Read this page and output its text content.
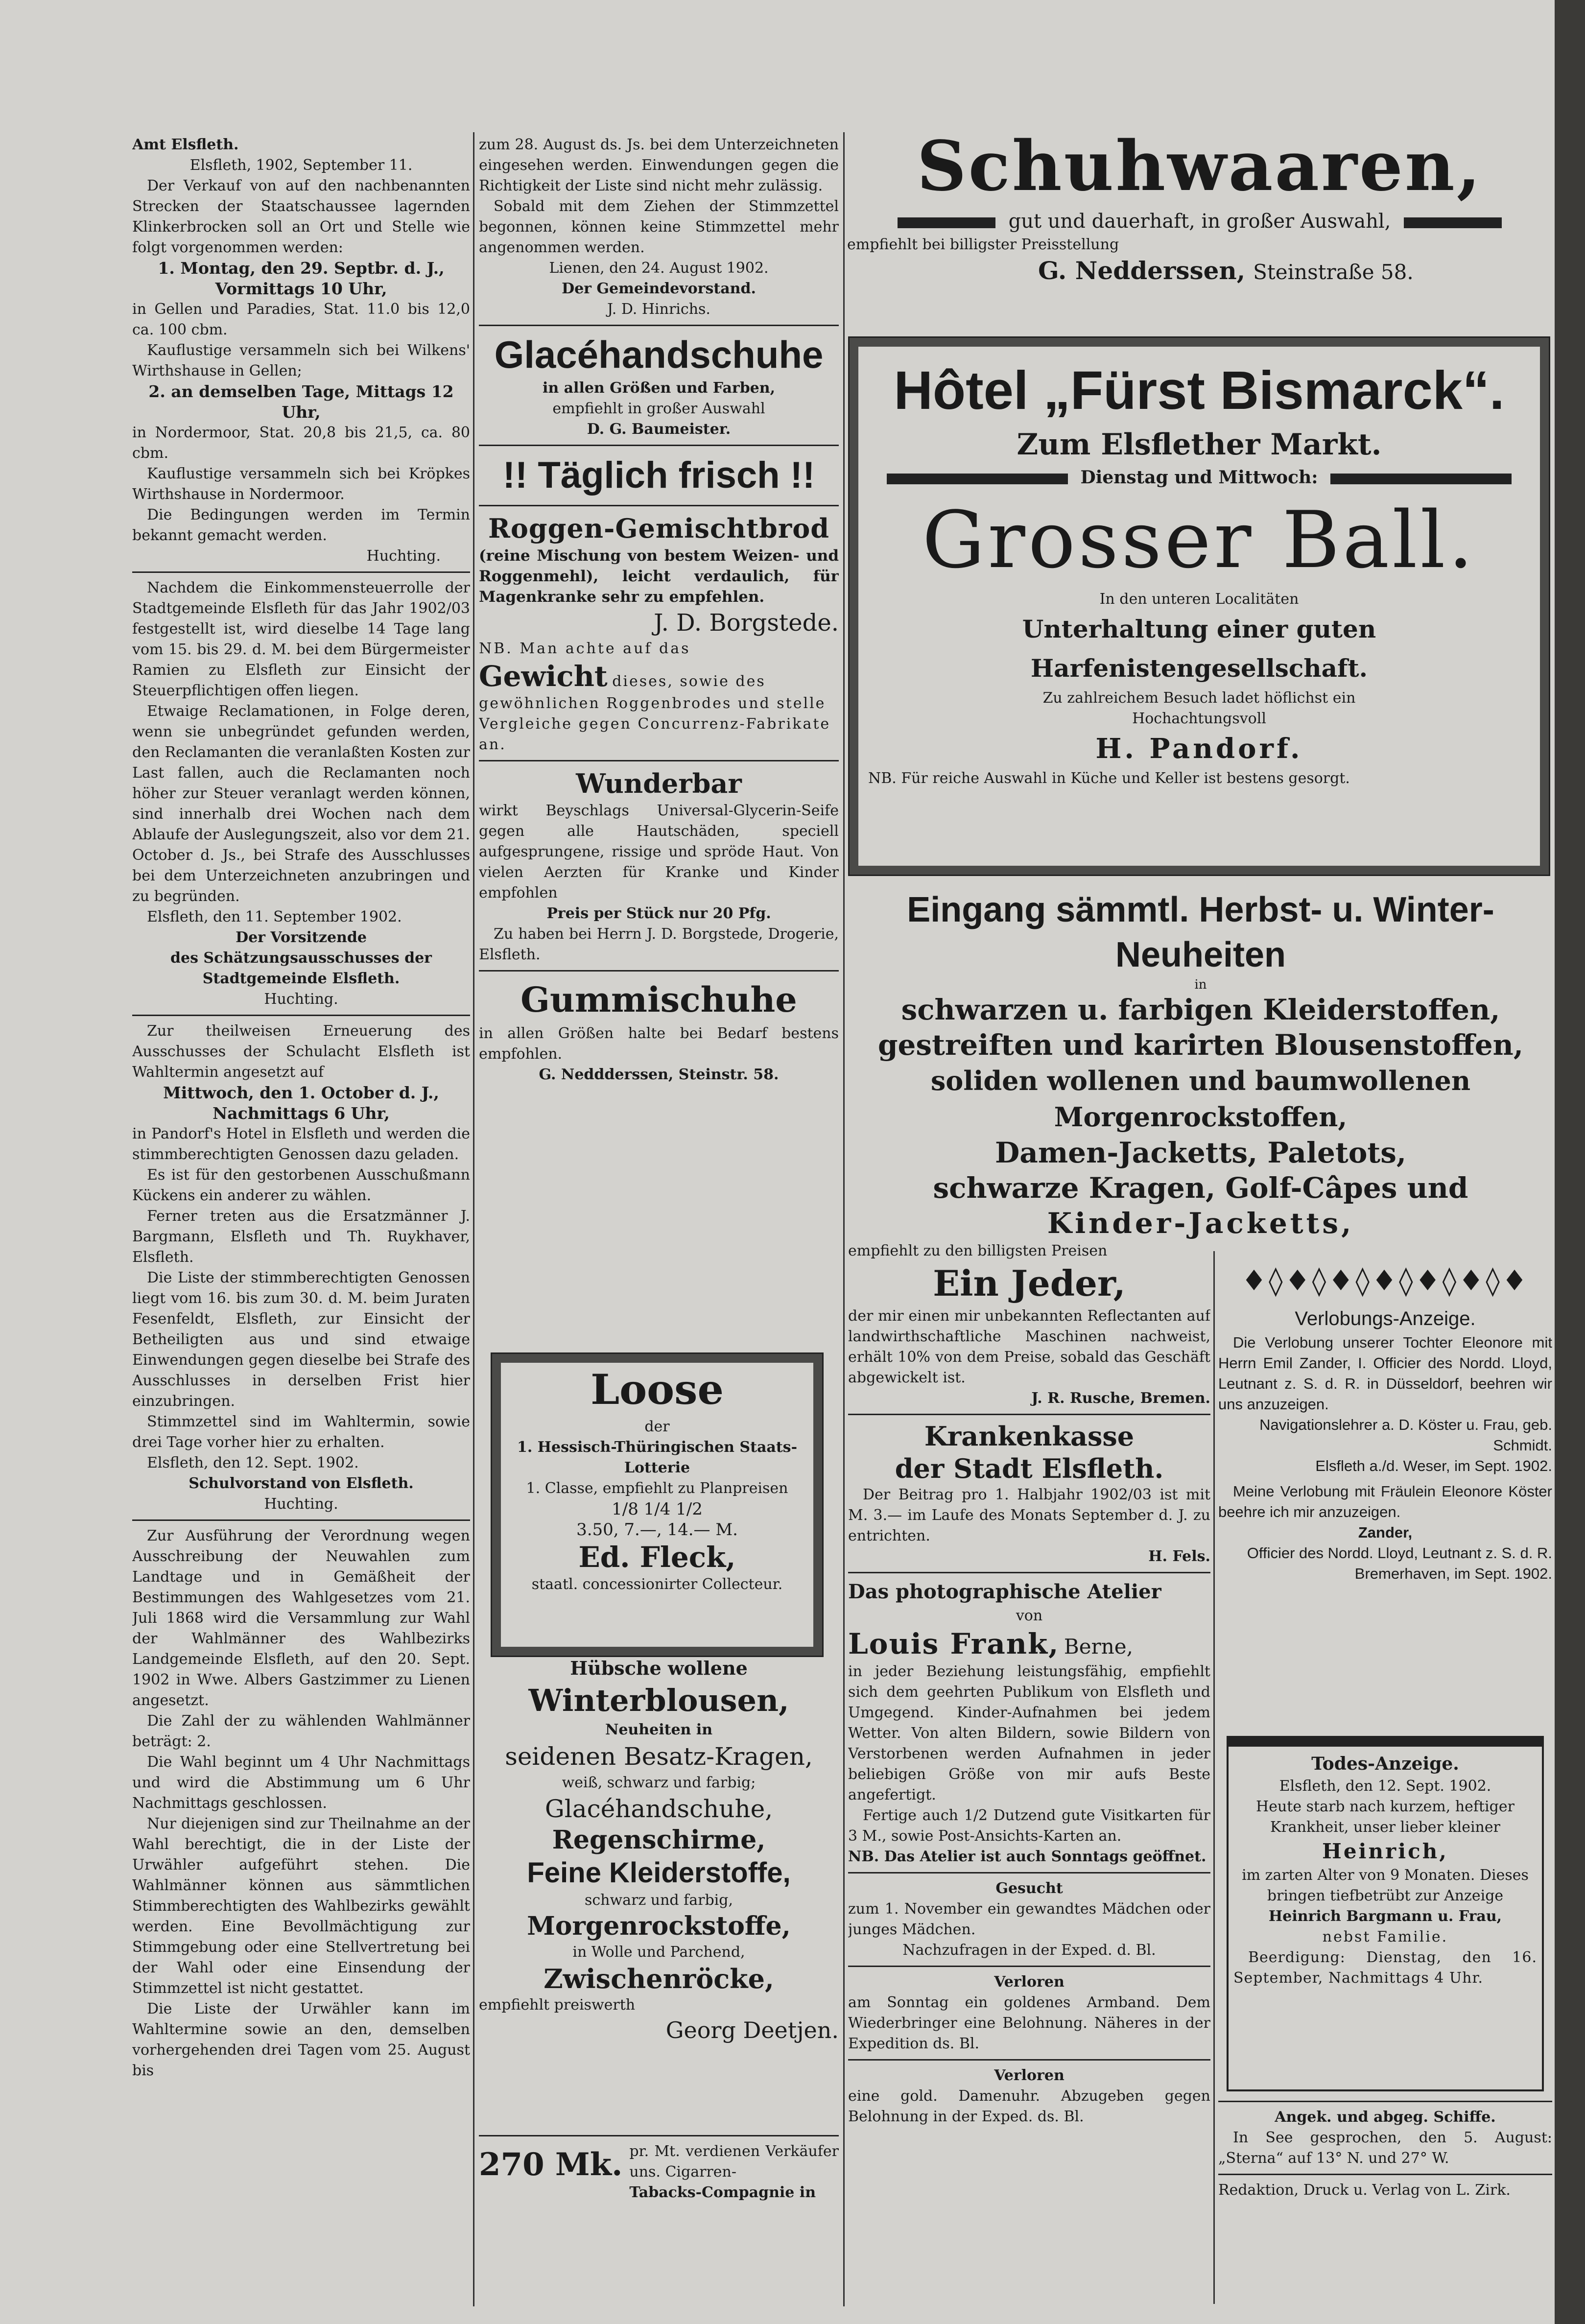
Amt Elsfleth.

Elsfleth, 1902, September 11.

Der Verkauf von auf den nachbenannten Strecken der Staatschaussee lagernden Klinkerbrocken soll an Ort und Stelle wie folgt vorgenommen werden:

1. Montag, den 29. Septbr. d. J., Vormittags 10 Uhr,

in Gellen und Paradies, Stat. 11.0 bis 12,0 ca. 100 cbm.

Kauflustige versammeln sich bei Wilkens' Wirthshause in Gellen;

2. an demselben Tage, Mittags 12 Uhr,

in Nordermoor, Stat. 20,8 bis 21,5, ca. 80 cbm.

Kauflustige versammeln sich bei Kröpkes Wirthshause in Nordermoor.

Die Bedingungen werden im Termin bekannt gemacht werden.

Huchting.

Nachdem die Einkommensteuerrolle der Stadtgemeinde Elsfleth für das Jahr 1902/03 festgestellt ist, wird dieselbe 14 Tage lang vom 15. bis 29. d. M. bei dem Bürgermeister Ramien zu Elsfleth zur Einsicht der Steuerpflichtigen offen liegen.

Etwaige Reclamationen, in Folge deren, wenn sie unbegründet gefunden werden, den Reclamanten die veranlaßten Kosten zur Last fallen, auch die Reclamanten noch höher zur Steuer veranlagt werden können, sind innerhalb drei Wochen nach dem Ablaufe der Auslegungszeit, also vor dem 21. October d. Js., bei Strafe des Ausschlusses bei dem Unterzeichneten anzubringen und zu begründen.

Elsfleth, den 11. September 1902.

Der Vorsitzende

des Schätzungsausschusses der Stadtgemeinde Elsfleth.

Huchting.

Zur theilweisen Erneuerung des Ausschusses der Schulacht Elsfleth ist Wahltermin angesetzt auf

Mittwoch, den 1. October d. J., Nachmittags 6 Uhr,

in Pandorf's Hotel in Elsfleth und werden die stimmberechtigten Genossen dazu geladen.

Es ist für den gestorbenen Ausschußmann Kückens ein anderer zu wählen.

Ferner treten aus die Ersatzmänner J. Bargmann, Elsfleth und Th. Ruykhaver, Elsfleth.

Die Liste der stimmberechtigten Genossen liegt vom 16. bis zum 30. d. M. beim Juraten Fesenfeldt, Elsfleth, zur Einsicht der Betheiligten aus und sind etwaige Einwendungen gegen dieselbe bei Strafe des Ausschlusses in derselben Frist hier einzubringen.

Stimmzettel sind im Wahltermin, sowie drei Tage vorher hier zu erhalten.

Elsfleth, den 12. Sept. 1902.

Schulvorstand von Elsfleth.

Huchting.

Zur Ausführung der Verordnung wegen Ausschreibung der Neuwahlen zum Landtage und in Gemäßheit der Bestimmungen des Wahlgesetzes vom 21. Juli 1868 wird die Versammlung zur Wahl der Wahlmänner des Wahlbezirks Landgemeinde Elsfleth, auf den 20. Sept. 1902 in Wwe. Albers Gastzimmer zu Lienen angesetzt.

Die Zahl der zu wählenden Wahlmänner beträgt: 2.

Die Wahl beginnt um 4 Uhr Nachmittags und wird die Abstimmung um 6 Uhr Nachmittags geschlossen.

Nur diejenigen sind zur Theilnahme an der Wahl berechtigt, die in der Liste der Urwähler aufgeführt stehen. Die Wahlmänner können aus sämmtlichen Stimmberechtigten des Wahlbezirks gewählt werden. Eine Bevollmächtigung zur Stimmgebung oder eine Stellvertretung bei der Wahl oder eine Einsendung der Stimmzettel ist nicht gestattet.

Die Liste der Urwähler kann im Wahltermine sowie an den, demselben vorhergehenden drei Tagen vom 25. August bis

zum 28. August ds. Js. bei dem Unterzeichneten eingesehen werden. Einwendungen gegen die Richtigkeit der Liste sind nicht mehr zulässig.

Sobald mit dem Ziehen der Stimmzettel begonnen, können keine Stimmzettel mehr angenommen werden.

Lienen, den 24. August 1902.

Der Gemeindevorstand.

J. D. Hinrichs.

Glacéhandschuhe

in allen Größen und Farben,

empfiehlt in großer Auswahl

D. G. Baumeister.

!! Täglich frisch !!

Roggen-Gemischtbrod

(reine Mischung von bestem Weizen- und Roggenmehl), leicht verdaulich, für Magenkranke sehr zu empfehlen.

J. D. Borgstede.

NB. Man achte auf das

Gewicht dieses, sowie des gewöhnlichen Roggenbrodes und stelle Vergleiche gegen Concurrenz-Fabrikate an.

Wunderbar

wirkt Beyschlags Universal-Glycerin-Seife gegen alle Hautschäden, speciell aufgesprungene, rissige und spröde Haut. Von vielen Aerzten für Kranke und Kinder empfohlen

Preis per Stück nur 20 Pfg.

Zu haben bei Herrn J. D. Borgstede, Drogerie, Elsfleth.

Gummischuhe

in allen Größen halte bei Bedarf bestens empfohlen.

G. Neddderssen, Steinstr. 58.

Loose

der

1. Hessisch-Thüringischen Staats-Lotterie

1. Classe, empfiehlt zu Planpreisen

1/8 1/4 1/2

3.50, 7.—, 14.— M.

Ed. Fleck,

staatl. concessionirter Collecteur.

Hübsche wollene

Winterblousen,

Neuheiten in

seidenen Besatz-Kragen,

weiß, schwarz und farbig;

Glacéhandschuhe,

Regenschirme,

Feine Kleiderstoffe,

schwarz und farbig,

Morgenrockstoffe,

in Wolle und Parchend,

Zwischenröcke,

empfiehlt preiswerth

Georg Deetjen.

270 Mk. pr. Mt. verdienen Verkäufer uns. Cigarren-

Tabacks-Compagnie in

Schuhwaaren,

gut und dauerhaft, in großer Auswahl,

empfiehlt bei billigster Preisstellung

G. Nedderssen, Steinstraße 58.

Hôtel „Fürst Bismarck“.

Zum Elsflether Markt.

Dienstag und Mittwoch:

Grosser Ball.

In den unteren Localitäten

Unterhaltung einer guten Harfenistengesellschaft.

Zu zahlreichem Besuch ladet höflichst ein

Hochachtungsvoll

H. Pandorf.

NB. Für reiche Auswahl in Küche und Keller ist bestens gesorgt.

Eingang sämmtl. Herbst- u. Winter-Neuheiten

in

schwarzen u. farbigen Kleiderstoffen,

gestreiften und karirten Blousenstoffen,

soliden wollenen und baumwollenen Morgenrockstoffen,

Damen-Jacketts, Paletots,

schwarze Kragen, Golf-Câpes und

Kinder-Jacketts,

empfiehlt zu den billigsten Preisen

Ein Jeder,

der mir einen mir unbekannten Reflectanten auf landwirthschaftliche Maschinen nachweist, erhält 10% von dem Preise, sobald das Geschäft abgewickelt ist.

J. R. Rusche, Bremen.

Krankenkasse

der Stadt Elsfleth.

Der Beitrag pro 1. Halbjahr 1902/03 ist mit M. 3.— im Laufe des Monats September d. J. zu entrichten.

H. Fels.

Das photographische Atelier

von

Louis Frank, Berne,

in jeder Beziehung leistungsfähig, empfiehlt sich dem geehrten Publikum von Elsfleth und Umgegend. Kinder-Aufnahmen bei jedem Wetter. Von alten Bildern, sowie Bildern von Verstorbenen werden Aufnahmen in jeder beliebigen Größe von mir aufs Beste angefertigt.

Fertige auch 1/2 Dutzend gute Visitkarten für 3 M., sowie Post-Ansichts-Karten an.

NB. Das Atelier ist auch Sonntags geöffnet.

Gesucht

zum 1. November ein gewandtes Mädchen oder junges Mädchen.

Nachzufragen in der Exped. d. Bl.

Verloren

am Sonntag ein goldenes Armband. Dem Wiederbringer eine Belohnung. Näheres in der Expedition ds. Bl.

Verloren

eine gold. Damenuhr. Abzugeben gegen Belohnung in der Exped. ds. Bl.

♦◊♦◊♦◊♦◊♦◊♦◊♦

Verlobungs-Anzeige.

Die Verlobung unserer Tochter Eleonore mit Herrn Emil Zander, I. Officier des Nordd. Lloyd, Leutnant z. S. d. R. in Düsseldorf, beehren wir uns anzuzeigen.

Navigationslehrer a. D. Köster u. Frau, geb. Schmidt.

Elsfleth a./d. Weser, im Sept. 1902.

Meine Verlobung mit Fräulein Eleonore Köster beehre ich mir anzuzeigen.

Zander,

Officier des Nordd. Lloyd, Leutnant z. S. d. R.

Bremerhaven, im Sept. 1902.

Todes-Anzeige.

Elsfleth, den 12. Sept. 1902.

Heute starb nach kurzem, heftiger Krankheit, unser lieber kleiner

Heinrich,

im zarten Alter von 9 Monaten. Dieses bringen tiefbetrübt zur Anzeige

Heinrich Bargmann u. Frau,

nebst Familie.

Beerdigung: Dienstag, den 16. September, Nachmittags 4 Uhr.

Angek. und abgeg. Schiffe.

In See gesprochen, den 5. August: „Sterna“ auf 13° N. und 27° W.

Redaktion, Druck u. Verlag von L. Zirk.
